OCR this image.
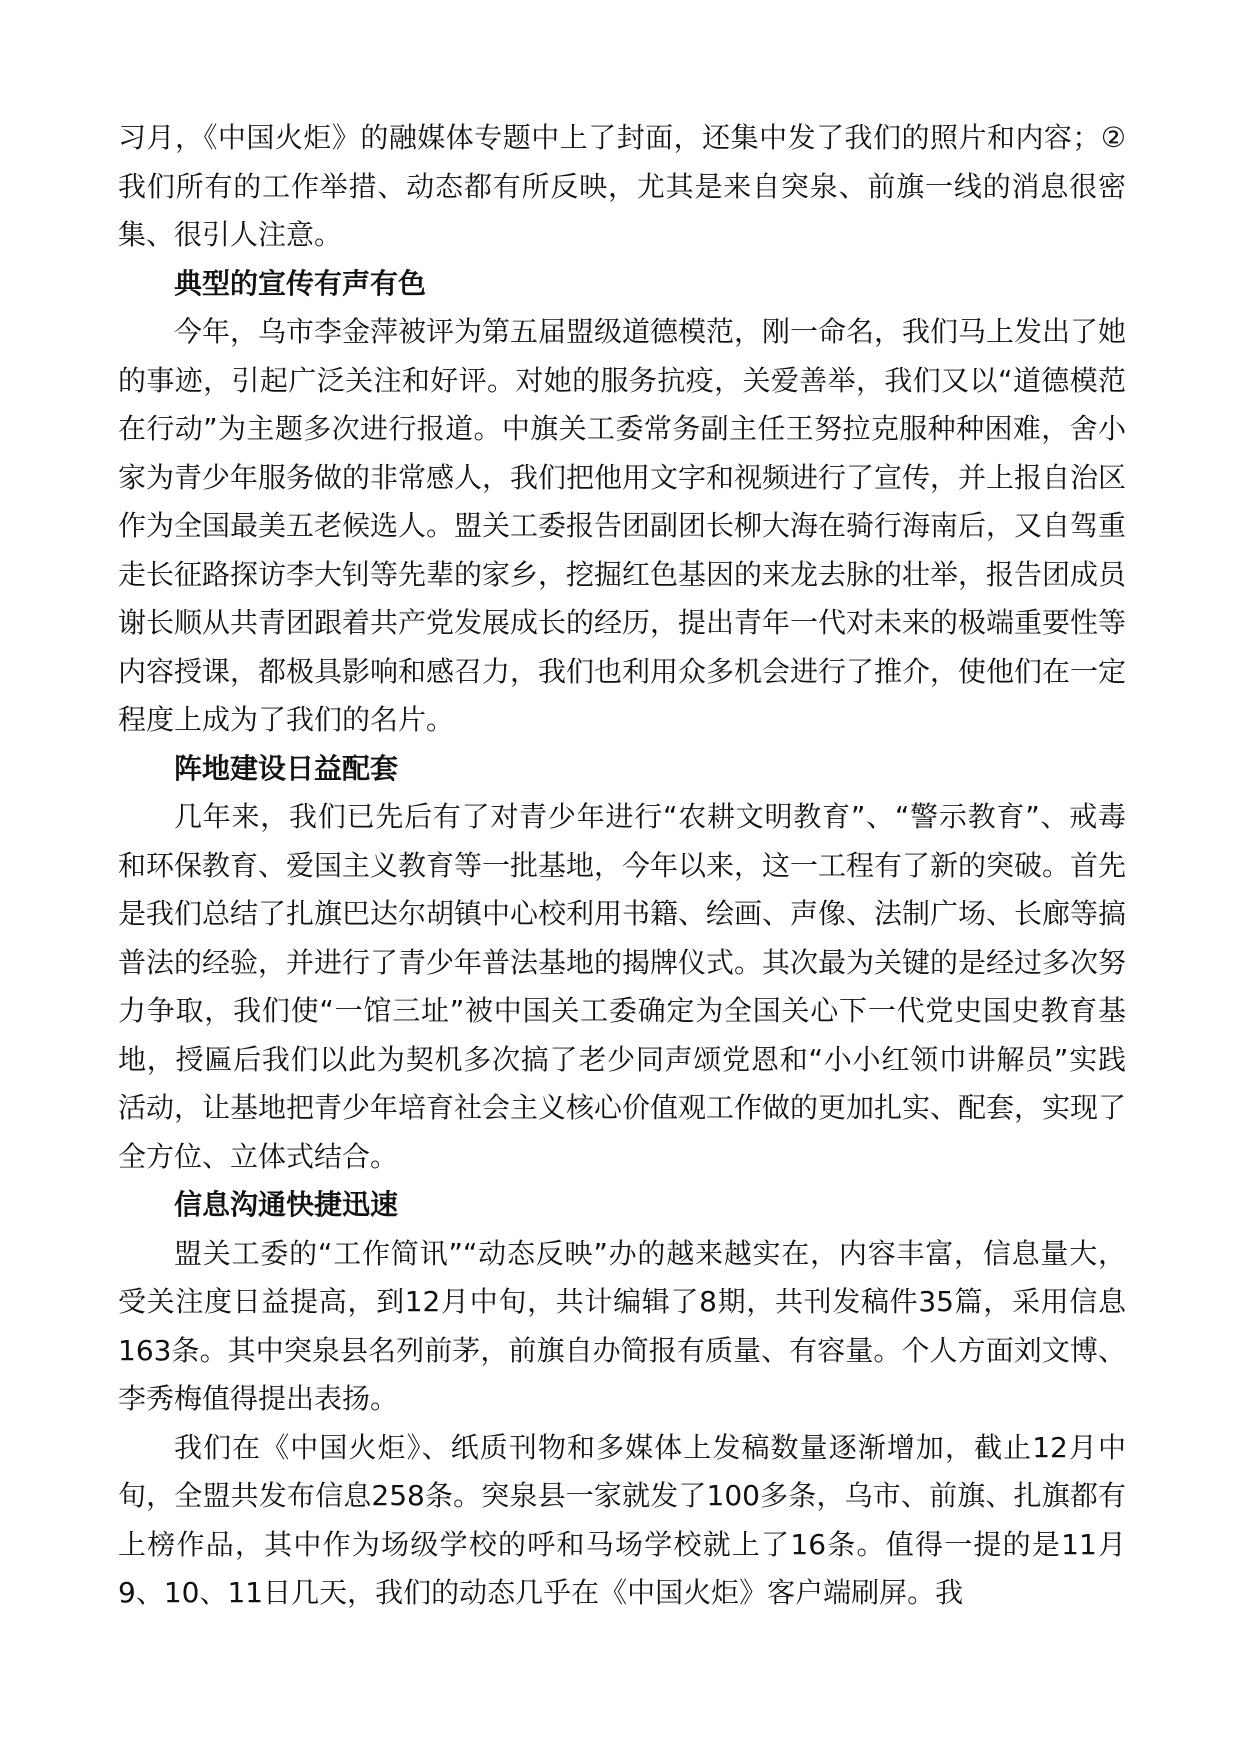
习月，《中国火炬》的融媒体专题中上了封面，还集中发了我们的照片和内容；②我们所有的工作举措、动态都有所反映，尤其是来自突泉、前旗一线的消息很密集、很引人注意。

典型的宣传有声有色

今年，乌市李金萍被评为第五届盟级道德模范，刚一命名，我们马上发出了她的事迹，引起广泛关注和好评。对她的服务抗疫，关爱善举，我们又以“道德模范在行动”为主题多次进行报道。中旗关工委常务副主任王努拉克服种种困难，舍小家为青少年服务做的非常感人，我们把他用文字和视频进行了宣传，并上报自治区作为全国最美五老候选人。盟关工委报告团副团长柳大海在骑行海南后，又自驾重走长征路探访李大钊等先辈的家乡，挖掘红色基因的来龙去脉的壮举，报告团成员谢长顺从共青团跟着共产党发展成长的经历，提出青年一代对未来的极端重要性等内容授课，都极具影响和感召力，我们也利用众多机会进行了推介，使他们在一定程度上成为了我们的名片。

阵地建设日益配套

几年来，我们已先后有了对青少年进行“农耕文明教育”、“警示教育”、戒毒和环保教育、爱国主义教育等一批基地，今年以来，这一工程有了新的突破。首先是我们总结了扎旗巴达尔胡镇中心校利用书籍、绘画、声像、法制广场、长廊等搞普法的经验，并进行了青少年普法基地的揭牌仪式。其次最为关键的是经过多次努力争取，我们使“一馆三址”被中国关工委确定为全国关心下一代党史国史教育基地，授匾后我们以此为契机多次搞了老少同声颂党恩和“小小红领巾讲解员”实践活动，让基地把青少年培育社会主义核心价值观工作做的更加扎实、配套，实现了全方位、立体式结合。

信息沟通快捷迅速

盟关工委的“工作简讯”“动态反映”办的越来越实在，内容丰富，信息量大，受关注度日益提高，到12月中旬，共计编辑了8期，共刊发稿件35篇，采用信息163条。其中突泉县名列前茅，前旗自办简报有质量、有容量。个人方面刘文博、李秀梅值得提出表扬。

我们在《中国火炬》、纸质刊物和多媒体上发稿数量逐渐增加，截止12月中旬，全盟共发布信息258条。突泉县一家就发了100多条，乌市、前旗、扎旗都有上榜作品，其中作为场级学校的呼和马场学校就上了16条。值得一提的是11月9、10、11日几天，我们的动态几乎在《中国火炬》客户端刷屏。我
